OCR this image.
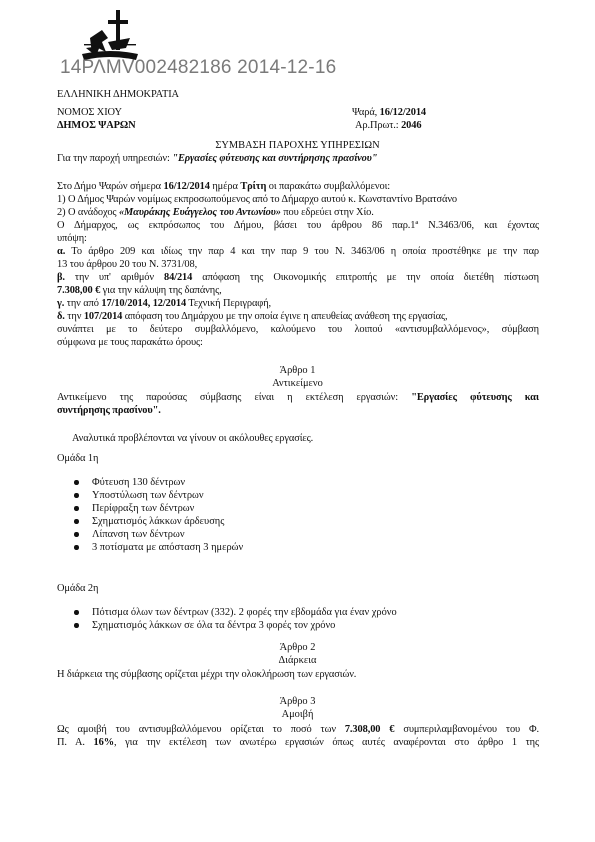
14ΡΛΜV002482186 2014-12-16
ΕΛΛΗΝΙΚΗ ΔΗΜΟΚΡΑΤΙΑ
ΝΟΜΟΣ ΧΙΟΥ
ΔΗΜΟΣ ΨΑΡΩΝ
Ψαρά, 16/12/2014
Αρ.Πρωτ.: 2046
ΣΥΜΒΑΣΗ ΠΑΡΟΧΗΣ ΥΠΗΡΕΣΙΩΝ
Για την παροχή υπηρεσιών: "Εργασίες φύτευσης και συντήρησης πρασίνου"
Στο Δήμο Ψαρών σήμερα 16/12/2014 ημέρα Τρίτη οι παρακάτω συμβαλλόμενοι:
1) Ο Δήμος Ψαρών νομίμως εκπροσωπούμενος από το Δήμαρχο αυτού κ. Κωνσταντίνο Βρατσάνο
2) Ο ανάδοχος «Μαυράκης Ευάγγελος του Αντωνίου» που εδρεύει στην Χίο.
Ο Δήμαρχος, ως εκπρόσωπος του Δήμου, βάσει του άρθρου 86 παρ.1ª Ν.3463/06, και έχοντας
υπόψη:
α. Το άρθρο 209 και ιδίως την παρ 4 και την παρ 9 του Ν. 3463/06 η οποία προστέθηκε με την παρ
13 του άρθρου 20 του Ν. 3731/08,
β. την υπ' αριθμόν 84/214 απόφαση της Οικονομικής επιτροπής με την οποία διετέθη πίστωση
7.308,00 € για την κάλυψη της δαπάνης,
γ. την από 17/10/2014, 12/2014 Τεχνική Περιγραφή,
δ. την 107/2014 απόφαση του Δημάρχου με την οποία έγινε η απευθείας ανάθεση της εργασίας,
συνάπτει με το δεύτερο συμβαλλόμενο, καλούμενο του λοιπού «αντισυμβαλλόμενος», σύμβαση
σύμφωνα με τους παρακάτω όρους:
Άρθρο 1
Αντικείμενο
Αντικείμενο της παρούσας σύμβασης είναι η εκτέλεση εργασιών: "Εργασίες φύτευσης και
συντήρησης πρασίνου".
Αναλυτικά προβλέπονται να γίνουν οι ακόλουθες εργασίες.
Ομάδα 1η
Φύτευση 130 δέντρων
Υποστύλωση των δέντρων
Περίφραξη των δέντρων
Σχηματισμός λάκκων άρδευσης
Λίπανση των δέντρων
3 ποτίσματα με απόσταση 3 ημερών
Ομάδα 2η
Πότισμα όλων των δέντρων (332). 2 φορές την εβδομάδα για έναν χρόνο
Σχηματισμός λάκκων σε όλα τα δέντρα 3 φορές τον χρόνο
Άρθρο 2
Διάρκεια
Η διάρκεια της σύμβασης ορίζεται μέχρι την ολοκλήρωση των εργασιών.
Άρθρο 3
Αμοιβή
Ως αμοιβή του αντισυμβαλλόμενου ορίζεται το ποσό των 7.308,00 € συμπεριλαμβανομένου του Φ.
Π. Α. 16%, για την εκτέλεση των ανωτέρω εργασιών όπως αυτές αναφέρονται στο άρθρο 1 της
